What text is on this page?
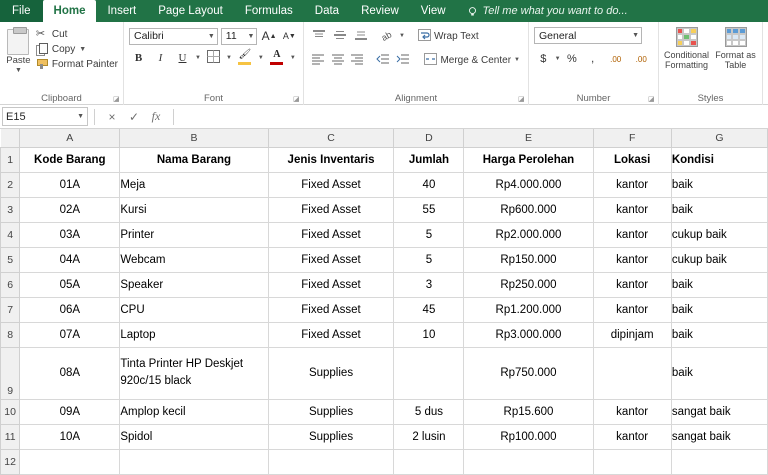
File	Home	Insert	Page Layout	Formulas	Data	Review	View	Tell me what you want to do...
Paste
▼
✂ Cut
Copy ▼
Format Painter
Clipboard	◪
Calibri	▼ 11	▼ A ▲ A ▼
B I U ▼	▼ 🖌	▼ A	▼
Font	◪
ab ▼	Wrap Text
Merge & Center ▼
Alignment	◪
General	▼
$ ▼ % , .00 .00
Number	◪
Conditional Formatting
Format as Table
Styles
E15	▼	×	✓	fx
	A	B	C	D	E	F	G
1	Kode Barang	Nama Barang	Jenis Inventaris	Jumlah	Harga Perolehan	Lokasi	Kondisi
2	01A	Meja	Fixed Asset	40	Rp4.000.000	kantor	baik
3	02A	Kursi	Fixed Asset	55	Rp600.000	kantor	baik
4	03A	Printer	Fixed Asset	5	Rp2.000.000	kantor	cukup baik
5	04A	Webcam	Fixed Asset	5	Rp150.000	kantor	cukup baik
6	05A	Speaker	Fixed Asset	3	Rp250.000	kantor	baik
7	06A	CPU	Fixed Asset	45	Rp1.200.000	kantor	baik
8	07A	Laptop	Fixed Asset	10	Rp3.000.000	dipinjam	baik
9	08A	Tinta Printer HP Deskjet 920c/15 black	Supplies		Rp750.000		baik
10	09A	Amplop kecil	Supplies	5 dus	Rp15.600	kantor	sangat baik
11	10A	Spidol	Supplies	2 lusin	Rp100.000	kantor	sangat baik
12							
